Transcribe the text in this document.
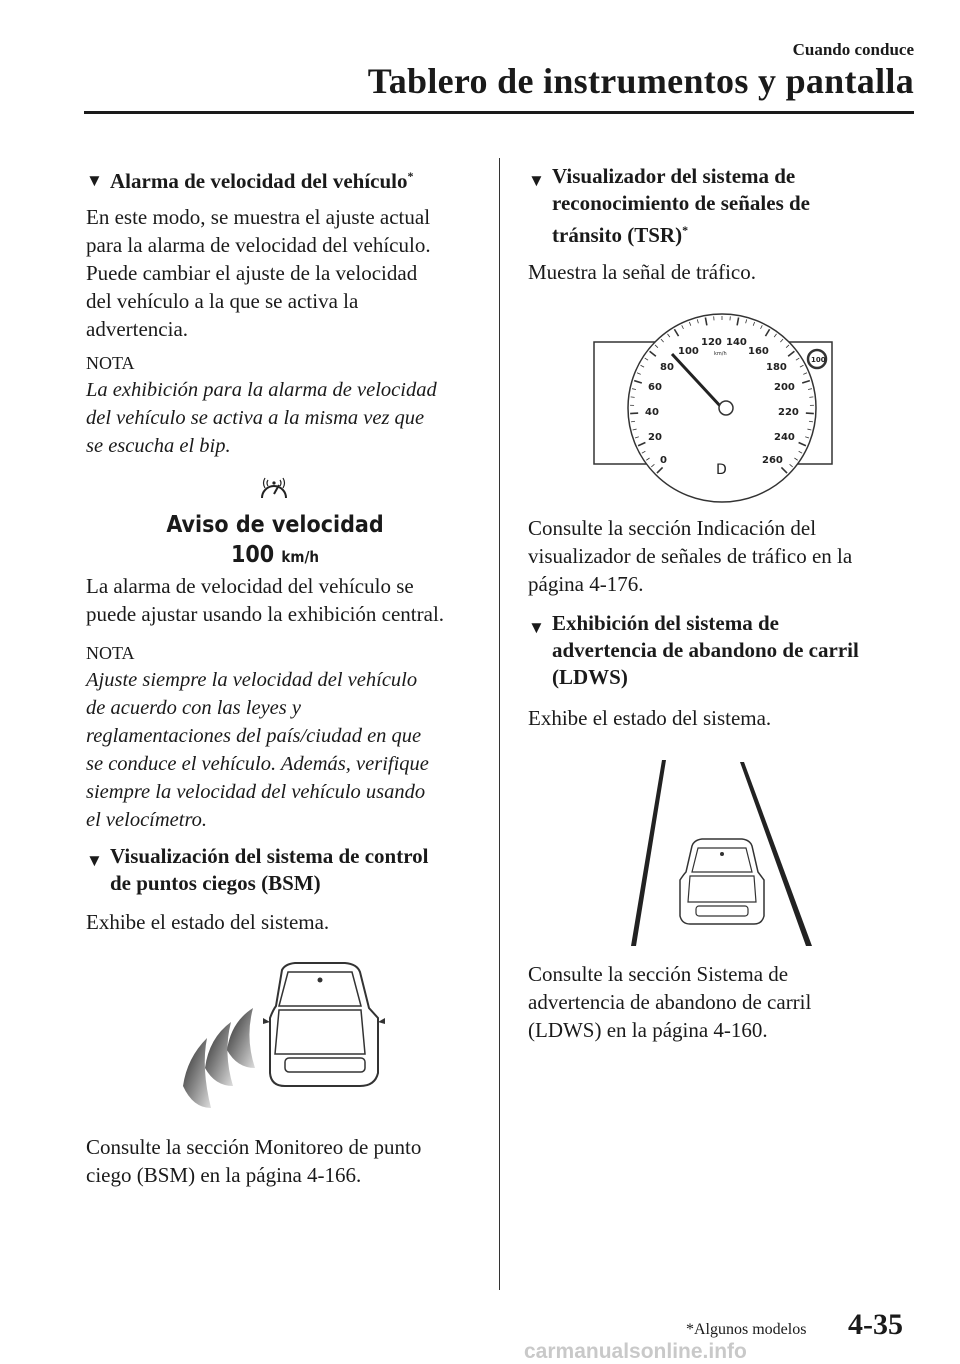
Cuando conduce
Tablero de instrumentos y pantalla

▼ Alarma de velocidad del vehículo*

En este modo, se muestra el ajuste actual

para la alarma de velocidad del vehículo.

Puede cambiar el ajuste de la velocidad

del vehículo a la que se activa la

advertencia.

NOTA

La exhibición para la alarma de velocidad

del vehículo se activa a la misma vez que

se escucha el bip.

Aviso de velocidad
100 km/h

La alarma de velocidad del vehículo se

puede ajustar usando la exhibición central.

NOTA

Ajuste siempre la velocidad del vehículo

de acuerdo con las leyes y

reglamentaciones del país/ciudad en que

se conduce el vehículo. Además, verifique

siempre la velocidad del vehículo usando

el velocímetro.

▼ Visualización del sistema de control
de puntos ciegos (BSM)

Exhibe el estado del sistema.

Consulte la sección Monitoreo de punto

ciego (BSM) en la página 4-166.

▼ Visualizador del sistema de
reconocimiento de señales de
tránsito (TSR)*

Muestra la señal de tráfico.

0
20
40
60
80
100
120 140
160
180
200
220
240
260
km/h
D
100

Consulte la sección Indicación del

visualizador de señales de tráfico en la

página 4-176.

▼ Exhibición del sistema de
advertencia de abandono de carril
(LDWS)

Exhibe el estado del sistema.

Consulte la sección Sistema de

advertencia de abandono de carril

(LDWS) en la página 4-160.

*Algunos modelos 4-35
carmanualsonline.info
